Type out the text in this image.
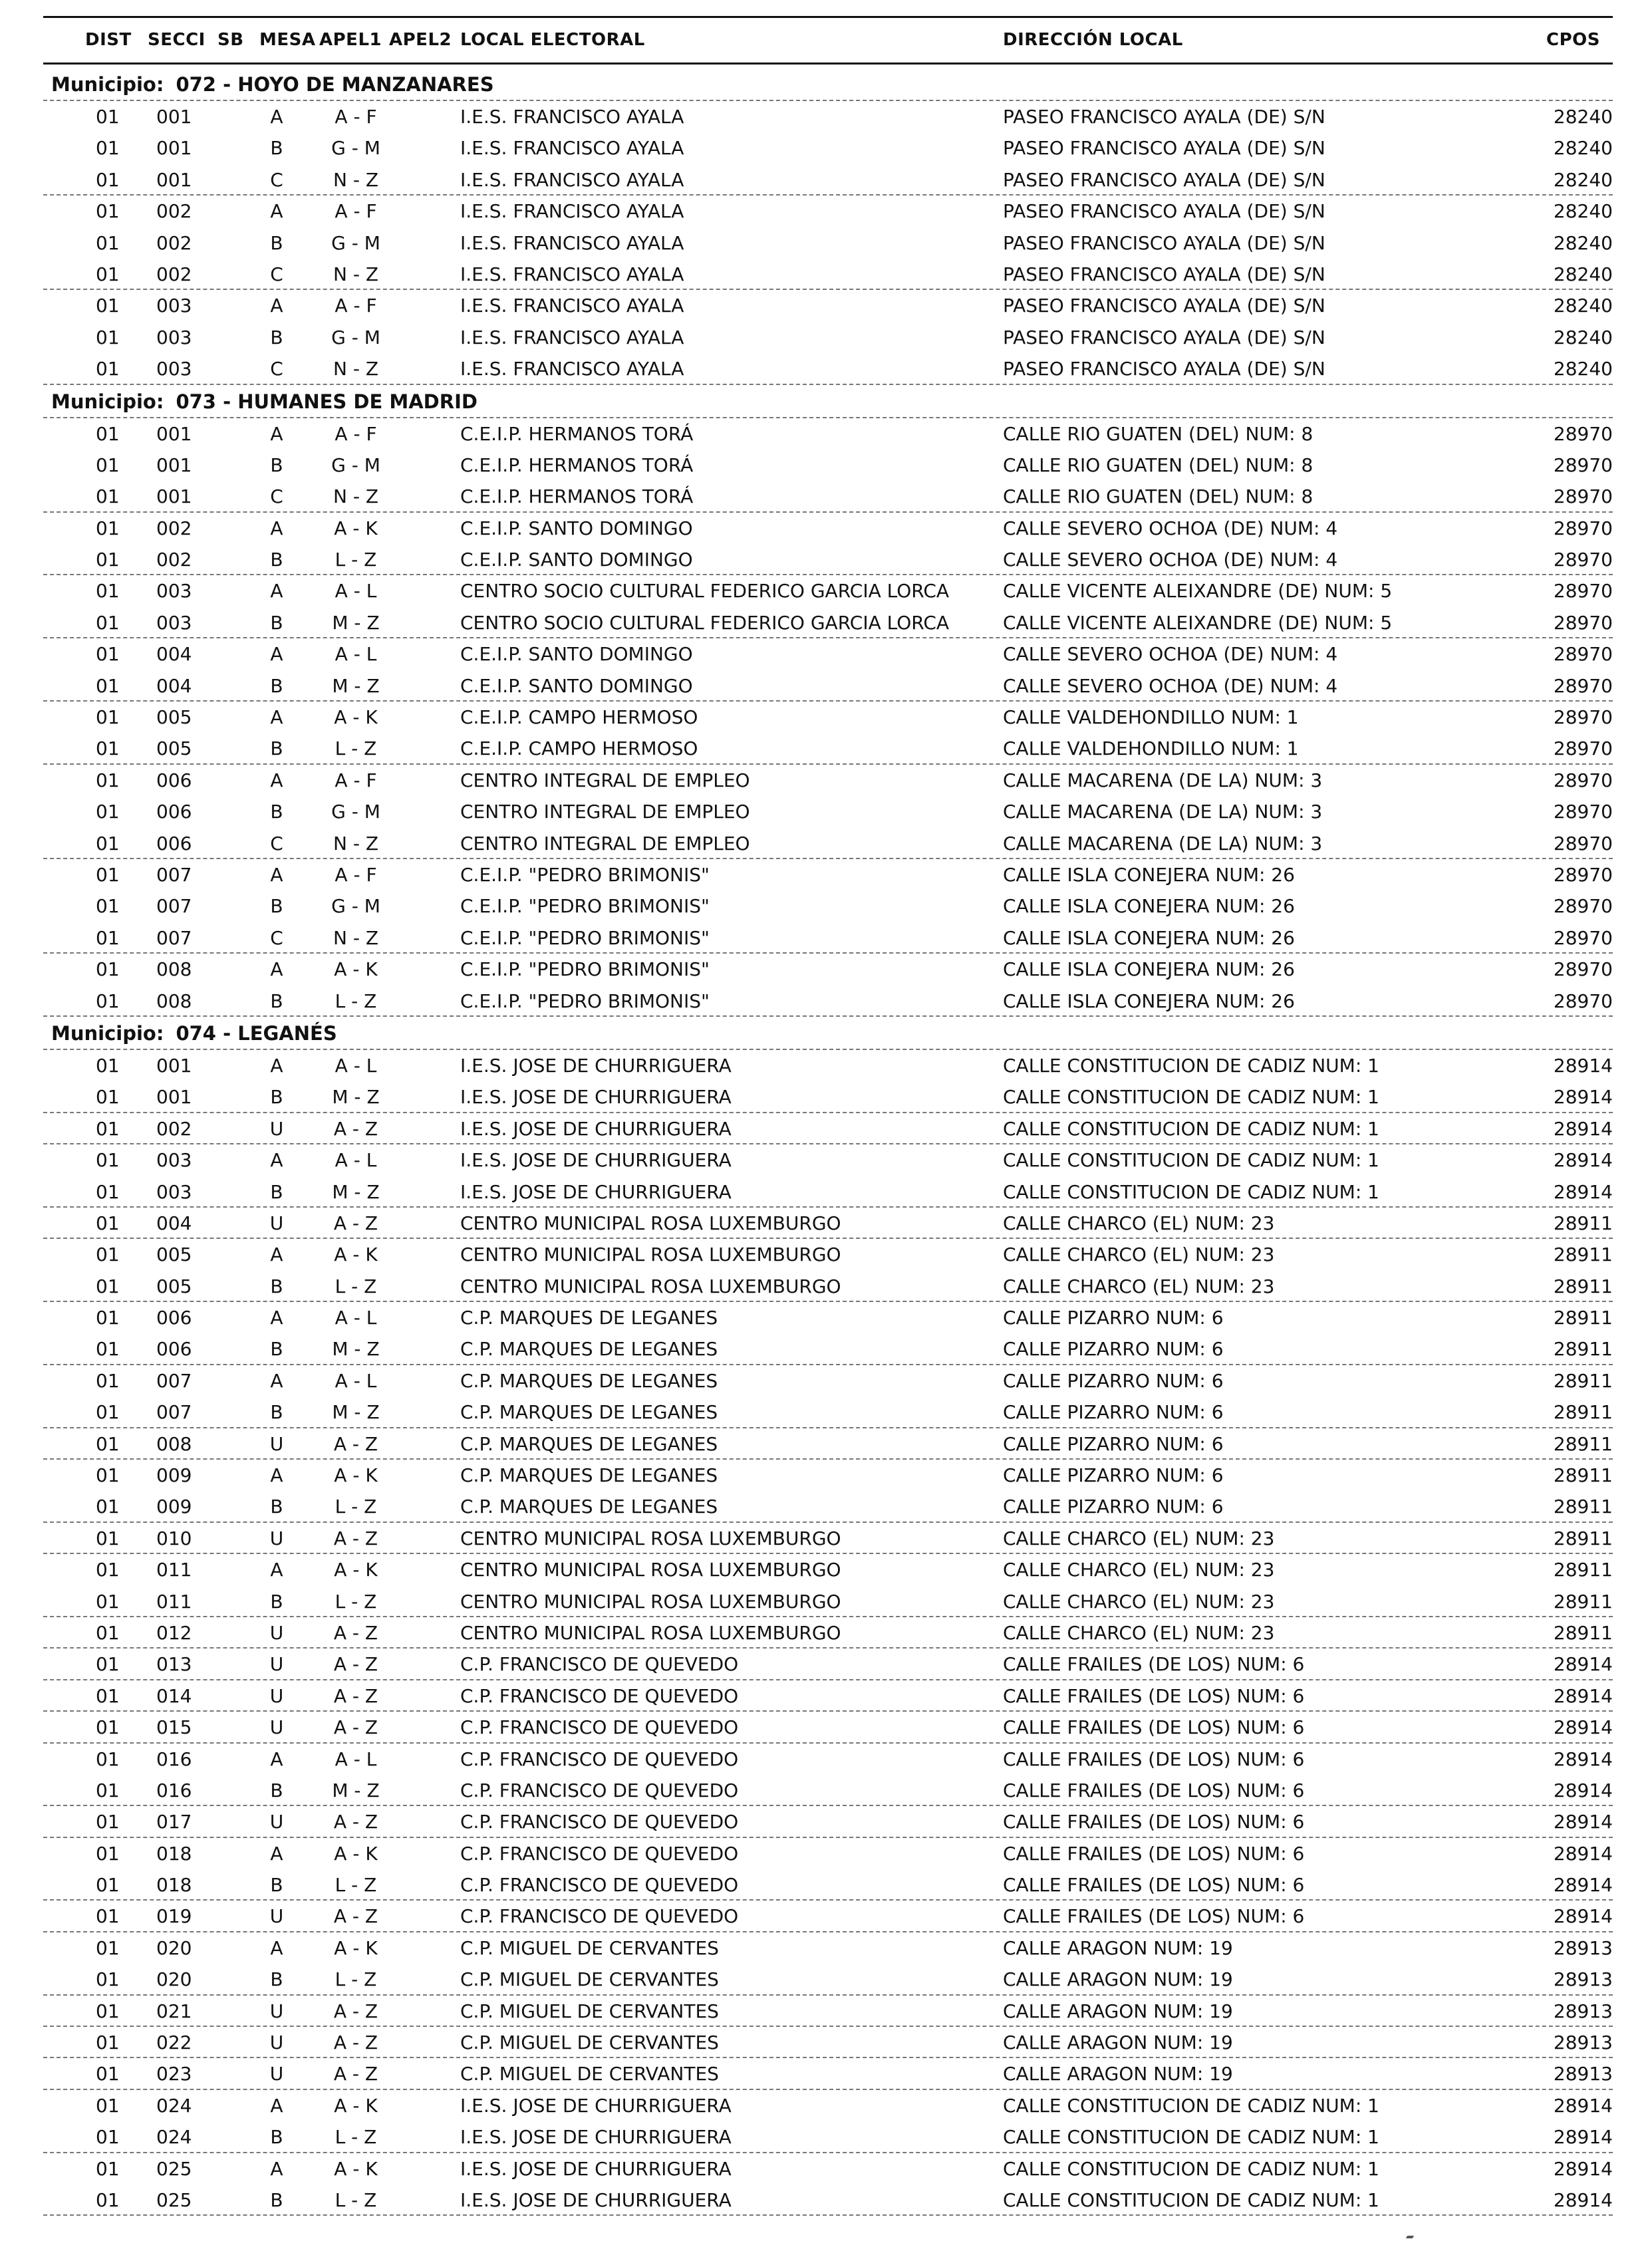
DIST SECCI SB MESA APEL1 APEL2 LOCAL ELECTORAL	DIRECCIÓN LOCAL	CPOS
Municipio: 072 - HOYO DE MANZANARES
01 001	A	A - F	I.E.S. FRANCISCO AYALA	PASEO FRANCISCO AYALA (DE) S/N	28240
01 001	B	G - M	I.E.S. FRANCISCO AYALA	PASEO FRANCISCO AYALA (DE) S/N	28240
01 001	C	N - Z	I.E.S. FRANCISCO AYALA	PASEO FRANCISCO AYALA (DE) S/N	28240
01 002	A	A - F	I.E.S. FRANCISCO AYALA	PASEO FRANCISCO AYALA (DE) S/N	28240
01 002	B	G - M	I.E.S. FRANCISCO AYALA	PASEO FRANCISCO AYALA (DE) S/N	28240
01 002	C	N - Z	I.E.S. FRANCISCO AYALA	PASEO FRANCISCO AYALA (DE) S/N	28240
01 003	A	A - F	I.E.S. FRANCISCO AYALA	PASEO FRANCISCO AYALA (DE) S/N	28240
01 003	B	G - M	I.E.S. FRANCISCO AYALA	PASEO FRANCISCO AYALA (DE) S/N	28240
01 003	C	N - Z	I.E.S. FRANCISCO AYALA	PASEO FRANCISCO AYALA (DE) S/N	28240
Municipio: 073 - HUMANES DE MADRID
01 001	A	A - F	C.E.I.P. HERMANOS TORÁ	CALLE RIO GUATEN (DEL) NUM: 8	28970
01 001	B	G - M	C.E.I.P. HERMANOS TORÁ	CALLE RIO GUATEN (DEL) NUM: 8	28970
01 001	C	N - Z	C.E.I.P. HERMANOS TORÁ	CALLE RIO GUATEN (DEL) NUM: 8	28970
01 002	A	A - K	C.E.I.P. SANTO DOMINGO	CALLE SEVERO OCHOA (DE) NUM: 4	28970
01 002	B	L - Z	C.E.I.P. SANTO DOMINGO	CALLE SEVERO OCHOA (DE) NUM: 4	28970
01 003	A	A - L	CENTRO SOCIO CULTURAL FEDERICO GARCIA LORCA	CALLE VICENTE ALEIXANDRE (DE) NUM: 5	28970
01 003	B	M - Z	CENTRO SOCIO CULTURAL FEDERICO GARCIA LORCA	CALLE VICENTE ALEIXANDRE (DE) NUM: 5	28970
01 004	A	A - L	C.E.I.P. SANTO DOMINGO	CALLE SEVERO OCHOA (DE) NUM: 4	28970
01 004	B	M - Z	C.E.I.P. SANTO DOMINGO	CALLE SEVERO OCHOA (DE) NUM: 4	28970
01 005	A	A - K	C.E.I.P. CAMPO HERMOSO	CALLE VALDEHONDILLO NUM: 1	28970
01 005	B	L - Z	C.E.I.P. CAMPO HERMOSO	CALLE VALDEHONDILLO NUM: 1	28970
01 006	A	A - F	CENTRO INTEGRAL DE EMPLEO	CALLE MACARENA (DE LA) NUM: 3	28970
01 006	B	G - M	CENTRO INTEGRAL DE EMPLEO	CALLE MACARENA (DE LA) NUM: 3	28970
01 006	C	N - Z	CENTRO INTEGRAL DE EMPLEO	CALLE MACARENA (DE LA) NUM: 3	28970
01 007	A	A - F	C.E.I.P. "PEDRO BRIMONIS"	CALLE ISLA CONEJERA NUM: 26	28970
01 007	B	G - M	C.E.I.P. "PEDRO BRIMONIS"	CALLE ISLA CONEJERA NUM: 26	28970
01 007	C	N - Z	C.E.I.P. "PEDRO BRIMONIS"	CALLE ISLA CONEJERA NUM: 26	28970
01 008	A	A - K	C.E.I.P. "PEDRO BRIMONIS"	CALLE ISLA CONEJERA NUM: 26	28970
01 008	B	L - Z	C.E.I.P. "PEDRO BRIMONIS"	CALLE ISLA CONEJERA NUM: 26	28970
Municipio: 074 - LEGANÉS
01 001	A	A - L	I.E.S. JOSE DE CHURRIGUERA	CALLE CONSTITUCION DE CADIZ NUM: 1	28914
01 001	B	M - Z	I.E.S. JOSE DE CHURRIGUERA	CALLE CONSTITUCION DE CADIZ NUM: 1	28914
01 002	U	A - Z	I.E.S. JOSE DE CHURRIGUERA	CALLE CONSTITUCION DE CADIZ NUM: 1	28914
01 003	A	A - L	I.E.S. JOSE DE CHURRIGUERA	CALLE CONSTITUCION DE CADIZ NUM: 1	28914
01 003	B	M - Z	I.E.S. JOSE DE CHURRIGUERA	CALLE CONSTITUCION DE CADIZ NUM: 1	28914
01 004	U	A - Z	CENTRO MUNICIPAL ROSA LUXEMBURGO	CALLE CHARCO (EL) NUM: 23	28911
01 005	A	A - K	CENTRO MUNICIPAL ROSA LUXEMBURGO	CALLE CHARCO (EL) NUM: 23	28911
01 005	B	L - Z	CENTRO MUNICIPAL ROSA LUXEMBURGO	CALLE CHARCO (EL) NUM: 23	28911
01 006	A	A - L	C.P. MARQUES DE LEGANES	CALLE PIZARRO NUM: 6	28911
01 006	B	M - Z	C.P. MARQUES DE LEGANES	CALLE PIZARRO NUM: 6	28911
01 007	A	A - L	C.P. MARQUES DE LEGANES	CALLE PIZARRO NUM: 6	28911
01 007	B	M - Z	C.P. MARQUES DE LEGANES	CALLE PIZARRO NUM: 6	28911
01 008	U	A - Z	C.P. MARQUES DE LEGANES	CALLE PIZARRO NUM: 6	28911
01 009	A	A - K	C.P. MARQUES DE LEGANES	CALLE PIZARRO NUM: 6	28911
01 009	B	L - Z	C.P. MARQUES DE LEGANES	CALLE PIZARRO NUM: 6	28911
01 010	U	A - Z	CENTRO MUNICIPAL ROSA LUXEMBURGO	CALLE CHARCO (EL) NUM: 23	28911
01 011	A	A - K	CENTRO MUNICIPAL ROSA LUXEMBURGO	CALLE CHARCO (EL) NUM: 23	28911
01 011	B	L - Z	CENTRO MUNICIPAL ROSA LUXEMBURGO	CALLE CHARCO (EL) NUM: 23	28911
01 012	U	A - Z	CENTRO MUNICIPAL ROSA LUXEMBURGO	CALLE CHARCO (EL) NUM: 23	28911
01 013	U	A - Z	C.P. FRANCISCO DE QUEVEDO	CALLE FRAILES (DE LOS) NUM: 6	28914
01 014	U	A - Z	C.P. FRANCISCO DE QUEVEDO	CALLE FRAILES (DE LOS) NUM: 6	28914
01 015	U	A - Z	C.P. FRANCISCO DE QUEVEDO	CALLE FRAILES (DE LOS) NUM: 6	28914
01 016	A	A - L	C.P. FRANCISCO DE QUEVEDO	CALLE FRAILES (DE LOS) NUM: 6	28914
01 016	B	M - Z	C.P. FRANCISCO DE QUEVEDO	CALLE FRAILES (DE LOS) NUM: 6	28914
01 017	U	A - Z	C.P. FRANCISCO DE QUEVEDO	CALLE FRAILES (DE LOS) NUM: 6	28914
01 018	A	A - K	C.P. FRANCISCO DE QUEVEDO	CALLE FRAILES (DE LOS) NUM: 6	28914
01 018	B	L - Z	C.P. FRANCISCO DE QUEVEDO	CALLE FRAILES (DE LOS) NUM: 6	28914
01 019	U	A - Z	C.P. FRANCISCO DE QUEVEDO	CALLE FRAILES (DE LOS) NUM: 6	28914
01 020	A	A - K	C.P. MIGUEL DE CERVANTES	CALLE ARAGON NUM: 19	28913
01 020	B	L - Z	C.P. MIGUEL DE CERVANTES	CALLE ARAGON NUM: 19	28913
01 021	U	A - Z	C.P. MIGUEL DE CERVANTES	CALLE ARAGON NUM: 19	28913
01 022	U	A - Z	C.P. MIGUEL DE CERVANTES	CALLE ARAGON NUM: 19	28913
01 023	U	A - Z	C.P. MIGUEL DE CERVANTES	CALLE ARAGON NUM: 19	28913
01 024	A	A - K	I.E.S. JOSE DE CHURRIGUERA	CALLE CONSTITUCION DE CADIZ NUM: 1	28914
01 024	B	L - Z	I.E.S. JOSE DE CHURRIGUERA	CALLE CONSTITUCION DE CADIZ NUM: 1	28914
01 025	A	A - K	I.E.S. JOSE DE CHURRIGUERA	CALLE CONSTITUCION DE CADIZ NUM: 1	28914
01 025	B	L - Z	I.E.S. JOSE DE CHURRIGUERA	CALLE CONSTITUCION DE CADIZ NUM: 1	28914
